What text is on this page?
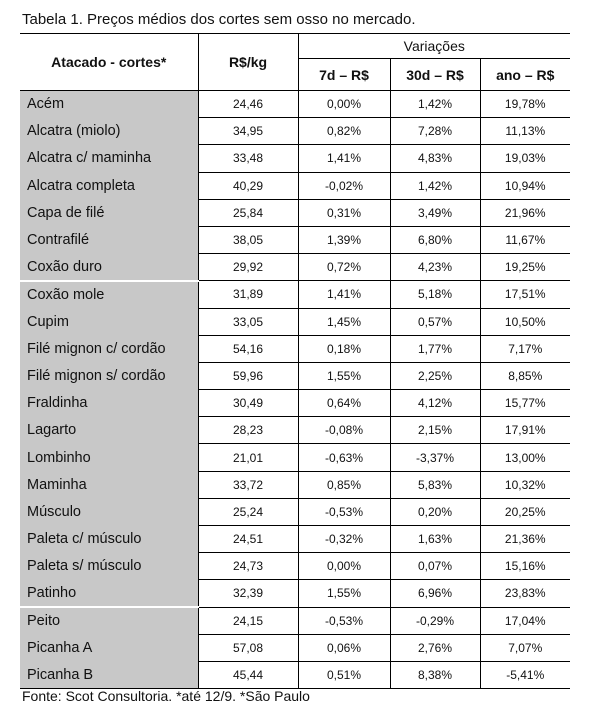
Tabela 1. Preços médios dos cortes sem osso no mercado.
Atacado - cortes*	R$/kg	Variações		
		7d – R$	30d – R$	ano – R$
Acém	24,46	0,00%	1,42%	19,78%
Alcatra (miolo)	34,95	0,82%	7,28%	11,13%
Alcatra c/ maminha	33,48	1,41%	4,83%	19,03%
Alcatra completa	40,29	-0,02%	1,42%	10,94%
Capa de filé	25,84	0,31%	3,49%	21,96%
Contrafilé	38,05	1,39%	6,80%	11,67%
Coxão duro	29,92	0,72%	4,23%	19,25%
Coxão mole	31,89	1,41%	5,18%	17,51%
Cupim	33,05	1,45%	0,57%	10,50%
Filé mignon c/ cordão	54,16	0,18%	1,77%	7,17%
Filé mignon s/ cordão	59,96	1,55%	2,25%	8,85%
Fraldinha	30,49	0,64%	4,12%	15,77%
Lagarto	28,23	-0,08%	2,15%	17,91%
Lombinho	21,01	-0,63%	-3,37%	13,00%
Maminha	33,72	0,85%	5,83%	10,32%
Músculo	25,24	-0,53%	0,20%	20,25%
Paleta c/ músculo	24,51	-0,32%	1,63%	21,36%
Paleta s/ músculo	24,73	0,00%	0,07%	15,16%
Patinho	32,39	1,55%	6,96%	23,83%
Peito	24,15	-0,53%	-0,29%	17,04%
Picanha A	57,08	0,06%	2,76%	7,07%
Picanha B	45,44	0,51%	8,38%	-5,41%
Fonte: Scot Consultoria. *até 12/9. *São Paulo
